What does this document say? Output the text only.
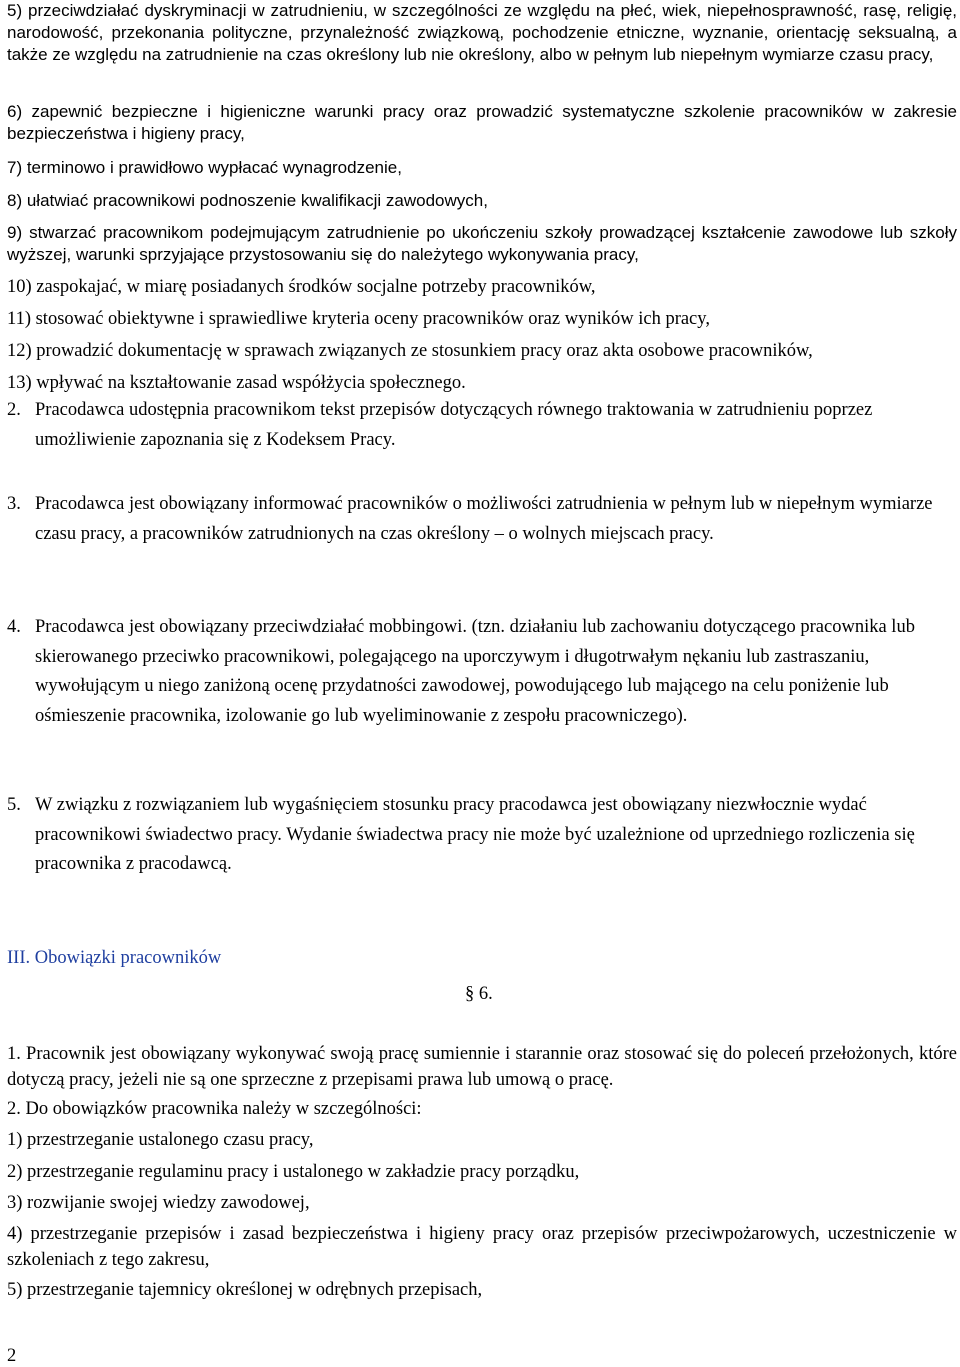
5) przeciwdziałać dyskryminacji w zatrudnieniu, w szczególności ze względu na płeć, wiek, niepełnosprawność, rasę, religię, narodowość, przekonania polityczne, przynależność związkową, pochodzenie etniczne, wyznanie, orientację seksualną, a także ze względu na zatrudnienie na czas określony lub nie określony, albo w pełnym lub niepełnym wymiarze czasu pracy,

6) zapewnić bezpieczne i higieniczne warunki pracy oraz prowadzić systematyczne szkolenie pracowników w zakresie bezpieczeństwa i higieny pracy,

7) terminowo i prawidłowo wypłacać wynagrodzenie,

8) ułatwiać pracownikowi podnoszenie kwalifikacji zawodowych,

9) stwarzać pracownikom podejmującym zatrudnienie po ukończeniu szkoły prowadzącej kształcenie zawodowe lub szkoły wyższej, warunki sprzyjające przystosowaniu się do należytego wykonywania pracy,

10) zaspokajać, w miarę posiadanych środków socjalne potrzeby pracowników,

11) stosować obiektywne i sprawiedliwe kryteria oceny pracowników oraz wyników ich pracy,

12) prowadzić dokumentację w sprawach związanych ze stosunkiem pracy oraz akta osobowe pracowników,

13) wpływać na kształtowanie zasad współżycia społecznego.

2. Pracodawca udostępnia pracownikom tekst przepisów dotyczących równego traktowania w zatrudnieniu poprzez umożliwienie zapoznania się z Kodeksem Pracy.

3. Pracodawca jest obowiązany informować pracowników o możliwości zatrudnienia w pełnym lub w niepełnym wymiarze czasu pracy, a pracowników zatrudnionych na czas określony – o wolnych miejscach pracy.

4. Pracodawca jest obowiązany przeciwdziałać mobbingowi. (tzn. działaniu lub zachowaniu dotyczącego pracownika lub skierowanego przeciwko pracownikowi, polegającego na uporczywym i długotrwałym nękaniu lub zastraszaniu, wywołującym u niego zaniżoną ocenę przydatności zawodowej, powodującego lub mającego na celu poniżenie lub ośmieszenie pracownika, izolowanie go lub wyeliminowanie z zespołu pracowniczego).

5. W związku z rozwiązaniem lub wygaśnięciem stosunku pracy pracodawca jest obowiązany niezwłocznie wydać pracownikowi świadectwo pracy. Wydanie świadectwa pracy nie może być uzależnione od uprzedniego rozliczenia się pracownika z pracodawcą.

III. Obowiązki pracowników

§ 6.

1. Pracownik jest obowiązany wykonywać swoją pracę sumiennie i starannie oraz stosować się do poleceń przełożonych, które dotyczą pracy, jeżeli nie są one sprzeczne z przepisami prawa lub umową o pracę.

2. Do obowiązków pracownika należy w szczególności:

1) przestrzeganie ustalonego czasu pracy,

2) przestrzeganie regulaminu pracy i ustalonego w zakładzie pracy porządku,

3) rozwijanie swojej wiedzy zawodowej,

4) przestrzeganie przepisów i zasad bezpieczeństwa i higieny pracy oraz przepisów przeciwpożarowych, uczestniczenie w szkoleniach z tego zakresu,

5) przestrzeganie tajemnicy określonej w odrębnych przepisach,

2
